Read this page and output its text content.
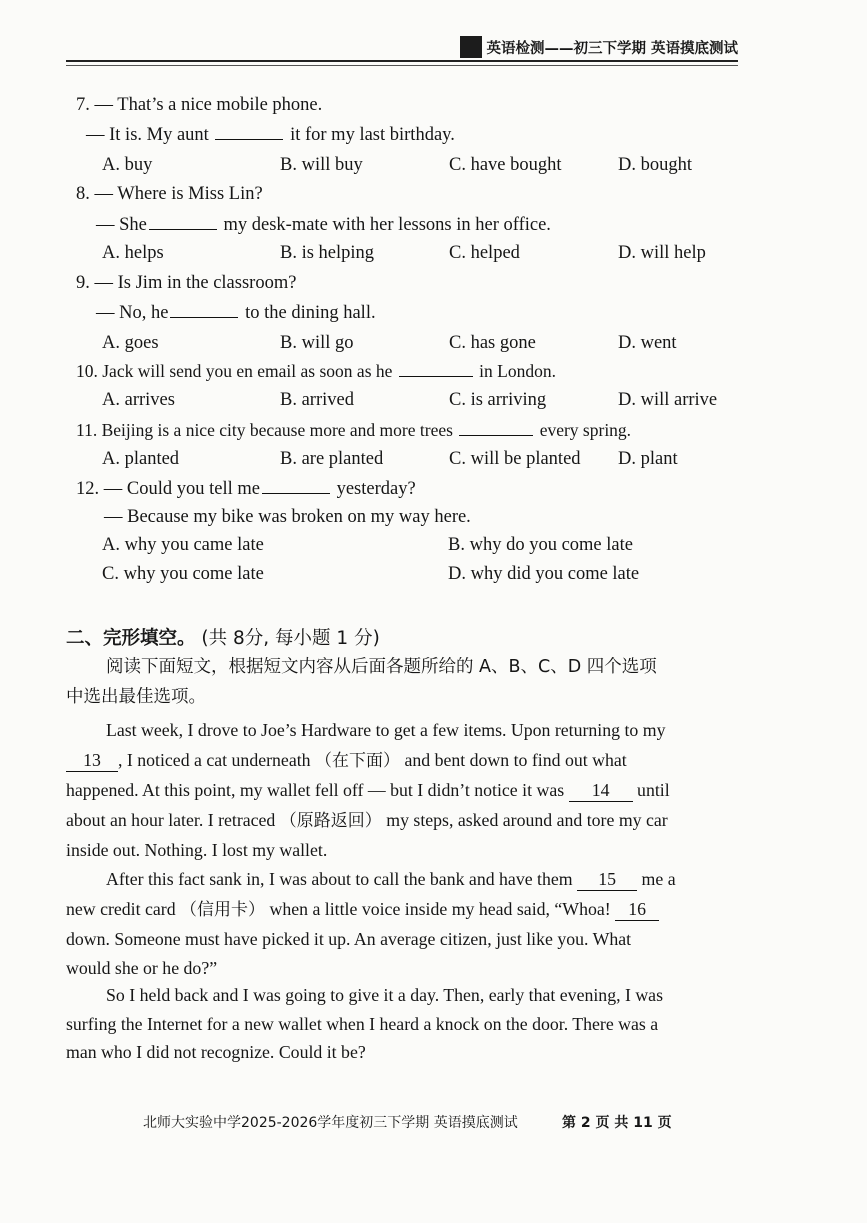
英语检测——初三下学期 英语摸底测试
7. — That’s a nice mobile phone.
— It is. My aunt	it for my last birthday.
A. buy	B. will buy	C. have bought	D. bought
8. — Where is Miss Lin?
— She	my desk-mate with her lessons in her office.
A. helps	B. is helping	C. helped	D. will help
9. — Is Jim in the classroom?
— No, he	to the dining hall.
A. goes	B. will go	C. has gone	D. went
10. Jack will send you en email as soon as he	in London.
A. arrives	B. arrived	C. is arriving	D. will arrive
11. Beijing is a nice city because more and more trees	every spring.
A. planted	B. are planted	C. will be planted D. plant
12. — Could you tell me	yesterday?
— Because my bike was broken on my way here.
A. why you came late	B. why do you come late
C. why you come late	D. why did you come late
二、完形填空。 (共 8分, 每小题 1 分)
阅读下面短文，根据短文内容从后面各题所给的 A、B、C、D 四个选项
中选出最佳选项。
Last week, I drove to Joe’s Hardware to get a few items. Upon returning to my
13 , I noticed a cat underneath （在下面） and bent down to find out what
happened. At this point, my wallet fell off — but I didn’t notice it was 14 until
about an hour later. I retraced （原路返回） my steps, asked around and tore my car
inside out. Nothing. I lost my wallet.
After this fact sank in, I was about to call the bank and have them 15 me a
new credit card （信用卡） when a little voice inside my head said, “Whoa! 16
down. Someone must have picked it up. An average citizen, just like you. What
would she or he do?”
So I held back and I was going to give it a day. Then, early that evening, I was
surfing the Internet for a new wallet when I heard a knock on the door. There was a
man who I did not recognize. Could it be?
北师大实验中学2025-2026学年度初三下学期 英语摸底测试	第 2 页 共 11 页
